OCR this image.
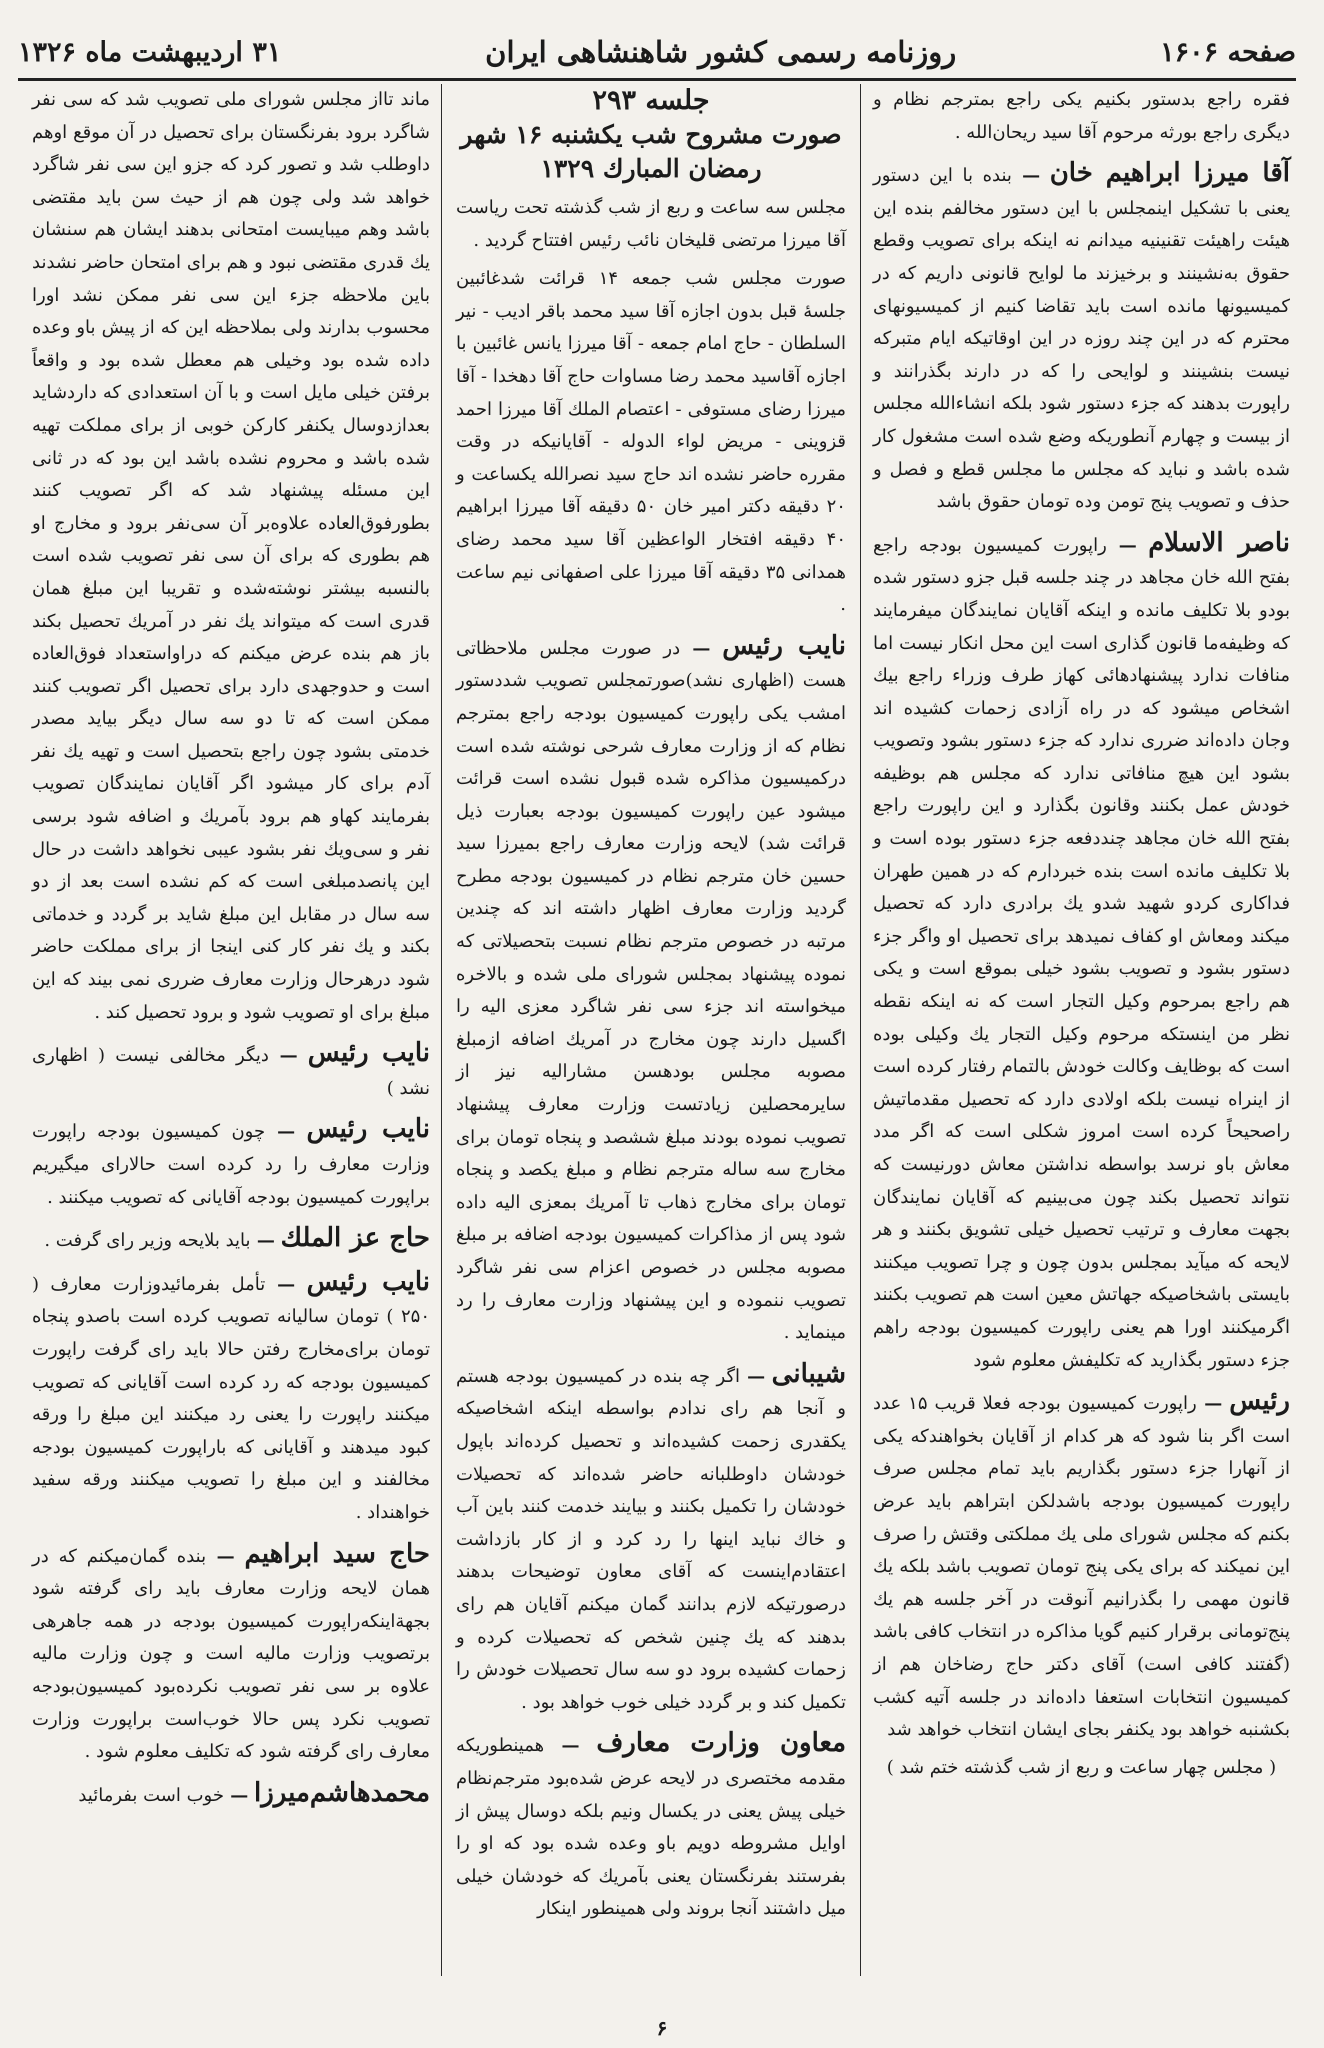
صفحه ۱۶۰۶
روزنامه رسمی کشور شاهنشاهی ایران
۳۱ اردیبهشت ماه ۱۳۲۶
فقره راجع‌ بدستور بکنیم یکی راجع بمترجم نظام و دیگری راجع بورثه مرحوم آقا سید ریحان‌الله .
آقا میرزا ابراهیم خان — بنده با این دستور یعنی با تشکیل اینمجلس با این دستور مخالفم بنده این هیئت راهیئت تقنینیه میدانم نه اینکه برای تصویب وقطع حقوق به‌نشینند و برخیزند ما لوایح قانونی داریم که در کمیسیونها مانده است باید تقاضا کنیم از کمیسیونهای محترم که در این چند روزه در این اوقاتیکه ایام متبرکه نیست بنشینند و لوایحی را که در دارند بگذرانند و راپورت بدهند که جزء دستور شود بلکه انشاءالله مجلس از بیست و چهارم آنطوریکه وضع شده است مشغول کار شده باشد و نباید که مجلس ما مجلس قطع و فصل و حذف و تصویب پنج تومن وده تومان حقوق باشد
ناصر الاسلام — راپورت کمیسیون بودجه راجع بفتح الله خان مجاهد در چند جلسه قبل جزو دستور شده بودو بلا تکلیف مانده و اینکه آقایان نمایندگان میفرمایند که وظیفه‌ما قانون گذاری است این محل انکار نیست اما منافات ندارد پیشنهادهائی کهاز طرف وزراء راجع بیك اشخاص میشود که در راه آزادی زحمات کشیده اند وجان داده‌اند ضرری ندارد که جزء دستور بشود وتصویب بشود این هیچ منافاتی ندارد که مجلس هم بوظیفه خودش عمل بکنند وقانون بگذارد و این راپورت راجع بفتح الله خان مجاهد چنددفعه جزء دستور بوده است و بلا تکلیف مانده است بنده خبردارم که در همین طهران فداکاری کردو شهید شدو یك برادری دارد که تحصیل میکند ومعاش او کفاف نمیدهد برای تحصیل او واگر جزء دستور بشود و تصویب بشود خیلی بموقع است و یکی هم راجع بمرحوم وکیل التجار است که نه اینکه نقطه نظر من اینستکه مرحوم وکیل التجار یك وکیلی بوده است که بوظایف وکالت خودش بالتمام رفتار کرده است از اینراه نیست بلکه اولادی دارد که تحصیل مقدماتیش راصحیحاً کرده است امروز شکلی است که اگر مدد معاش باو نرسد بواسطه نداشتن معاش دورنیست که نتواند تحصیل بکند چون می‌بینیم که آقایان نمایندگان بجهت معارف و ترتیب تحصیل خیلی تشویق بکنند و هر لایحه که میآید بمجلس بدون چون و چرا تصویب میکنند بایستی باشخاصیکه جهاتش معین است هم تصویب بکنند اگرمیکنند اورا هم یعنی راپورت کمیسیون بودجه راهم جزء دستور بگذارید که تکلیفش معلوم شود
رئیس — راپورت کمیسیون بودجه فعلا قریب ۱۵ عدد است اگر بنا شود که هر کدام از آقایان بخواهندکه یکی از آنهارا جزء دستور بگذاریم باید تمام مجلس صرف راپورت کمیسیون بودجه باشدلکن ابتراهم باید عرض بکنم که مجلس شورای ملی یك مملکتی وقتش را صرف این نمیکند که برای یکی پنج تومان تصویب باشد بلکه یك قانون مهمی را بگذرانیم آنوقت در آخر جلسه هم یك پنج‌تومانی برقرار کنیم گویا مذاکره در انتخاب کافی باشد (گفتند کافی است) آقای دکتر حاج رضاخان هم از کمیسیون انتخابات استعفا داده‌اند در جلسه آتیه کشب بکشنبه خواهد بود یکنفر بجای ایشان انتخاب خواهد شد
( مجلس چهار ساعت و ربع از شب گذشته ختم شد )
جلسه ۲۹۳
صورت مشروح شب یکشنبه ۱۶ شهر رمضان المبارك ۱۳۲۹
مجلس سه ساعت و ربع از شب گذشته تحت ریاست آقا میرزا مرتضی قلیخان نائب رئیس افتتاح گردید .
صورت مجلس شب جمعه ۱۴ قرائت شدغائبین جلسهٔ قبل بدون اجازه آقا سید محمد باقر ادیب - نیر السلطان - حاج امام جمعه - آقا میرزا یانس غائبین با اجازه آقاسید محمد رضا مساوات حاج آقا دهخدا - آقا میرزا رضای مستوفی - اعتصام الملك آقا میرزا احمد قزوینی - مریض لواء الدوله - آقایانیکه در وقت مقرره حاضر نشده اند حاج سید نصرالله یکساعت و ۲۰ دقیقه دکتر امیر خان ۵۰ دقیقه آقا میرزا ابراهیم ۴۰ دقیقه افتخار الواعظین آقا سید محمد رضای همدانی ۳۵ دقیقه آقا میرزا علی اصفهانی نیم ساعت .
نایب رئیس — در صورت مجلس ملاحظاتی هست (اظهاری نشد)صورتمجلس تصویب شددستور امشب یکی راپورت کمیسیون بودجه راجع بمترجم نظام که از وزارت معارف شرحی نوشته شده است درکمیسیون مذاکره شده قبول نشده است قرائت میشود عین راپورت کمیسیون بودجه بعبارت ذیل قرائت شد) لایحه وزارت معارف راجع بمیرزا سید حسین خان مترجم نظام در کمیسیون بودجه مطرح گردید وزارت معارف اظهار داشته‌ اند که چندین مرتبه در خصوص مترجم نظام نسبت بتحصیلاتی که نموده پیشنهاد بمجلس شورای ملی شده و بالاخره میخواسته اند جزء سی نفر شاگرد معزی الیه را اگسیل دارند چون مخارج در آمریك اضافه ازمبلغ مصوبه مجلس بودهسن مشارالیه نیز از سایرمحصلین زیادتست وزارت معارف پیشنهاد تصویب نموده بودند مبلغ ششصد و پنجاه تومان برای مخارج سه ساله مترجم نظام و مبلغ یکصد و پنجاه تومان برای مخارج ذهاب تا آمریك بمعزی الیه داده شود پس از مذاکرات کمیسیون بودجه اضافه بر مبلغ مصوبه مجلس در خصوص اعزام سی نفر شاگرد تصویب ننموده و این پیشنهاد وزارت معارف را رد مینماید .
شیبانی — اگر چه بنده در کمیسیون بودجه هستم و آنجا هم رای ندادم بواسطه اینکه اشخاصیکه یکقدری زحمت کشیده‌اند و تحصیل کرده‌اند باپول خودشان داوطلبانه حاضر شده‌اند که تحصیلات خودشان را تکمیل بکنند و بیایند خدمت کنند باین آب و خاك نباید اینها را رد کرد و از کار بازداشت اعتقادم‌اینست که آقای معاون توضیحات بدهند درصورتیکه لازم بدانند گمان میکنم آقایان هم رای بدهند که یك چنین شخص که تحصیلات کرده و زحمات کشیده برود دو سه سال تحصیلات خودش را تکمیل کند و بر گردد خیلی خوب خواهد بود .
معاون وزارت معارف — همینطوریکه مقدمه مختصری در لایحه عرض شده‌بود مترجم‌نظام خیلی پیش یعنی در یکسال ونیم بلکه دوسال پیش از اوایل مشروطه دویم باو وعده شده بود که او را بفرستند بفرنگستان یعنی بآمریك که خودشان خیلی میل داشتند آنجا بروند ولی همینطور اینکار
ماند تااز مجلس شورای ملی تصویب شد که سی نفر شاگرد برود بفرنگستان برای تحصیل در آن موقع اوهم داوطلب شد و تصور کرد که جزو این سی نفر شاگرد خواهد شد ولی چون هم از حیث سن باید مقتضی باشد وهم میبایست امتحانی بدهند ایشان هم سنشان یك قدری مقتضی نبود و هم برای امتحان حاضر نشدند باین ملاحظه جزء این سی نفر ممکن نشد اورا محسوب بدارند ولی بملاحظه این که از پیش باو وعده داده شده بود وخیلی هم معطل شده بود و واقعاً برفتن خیلی مایل است و با آن استعدادی که داردشاید بعدازدوسال یکنفر کارکن خوبی از برای مملکت تهیه شده باشد و محروم نشده باشد این بود که در ثانی این مسئله پیشنهاد شد که اگر تصویب کنند بطورفوق‌العاده علاوه‌بر آن سی‌نفر برود و مخارج او هم بطوری که برای آن سی نفر تصویب شده است بالنسبه بیشتر نوشته‌شده و تقریبا این مبلغ همان قدری است که میتواند یك نفر در آمریك تحصیل بکند باز هم بنده عرض میکنم که دراواستعداد فوق‌العاده است و حدوجهدی دارد برای تحصیل اگر تصویب کنند ممکن است که تا دو سه سال دیگر بیاید مصدر خدمتی بشود چون راجع بتحصیل است و تهیه یك نفر آدم برای کار میشود اگر آقایان نمایندگان تصویب بفرمایند کهاو هم برود بآمریك و اضافه شود برسی نفر و سی‌ویك نفر بشود عیبی نخواهد داشت در حال این پانصدمبلغی است که کم نشده است بعد از دو سه سال در مقابل این مبلغ شاید بر گردد و خدماتی بکند و یك نفر کار کنی اینجا از برای مملکت حاضر شود درهرحال وزارت معارف ضرری نمی بیند که این مبلغ برای او تصویب شود و برود تحصیل کند .
نایب رئیس — دیگر مخالفی نیست ( اظهاری نشد )
نایب رئیس — چون کمیسیون بودجه راپورت وزارت معارف را رد کرده است حالارای میگیریم براپورت کمیسیون بودجه آقایانی که تصویب میکنند .
حاج عز الملك — باید بلایحه وزیر رای گرفت .
نایب رئیس — تأمل بفرمائیدوزارت معارف ( ۲۵۰ ) تومان سالیانه تصویب کرده است باصدو پنجاه تومان برای‌مخارج رفتن حالا باید رای گرفت راپورت کمیسیون بودجه که رد کرده است آقایانی که تصویب میکنند راپورت را یعنی رد میکنند این مبلغ را ورقه کبود میدهند و آقایانی که باراپورت کمیسیون بودجه مخالفند و این مبلغ را تصویب میکنند ورقه سفید خواهنداد .
حاج سید ابراهیم — بنده‌ گمان‌میکنم که در همان لایحه وزارت معارف باید رای گرفته شود بجهة‌اینکه‌راپورت کمیسیون بودجه در همه جاهرهی برتصویب وزارت مالیه است و چون وزارت مالیه علاوه بر سی نفر تصویب نکرده‌بود کمیسیون‌بودجه تصویب نکرد پس حالا خوب‌است براپورت وزارت معارف رای گرفته شود که تکلیف معلوم شود .
محمدهاشم‌میرزا — خوب است بفرمائید
۶
